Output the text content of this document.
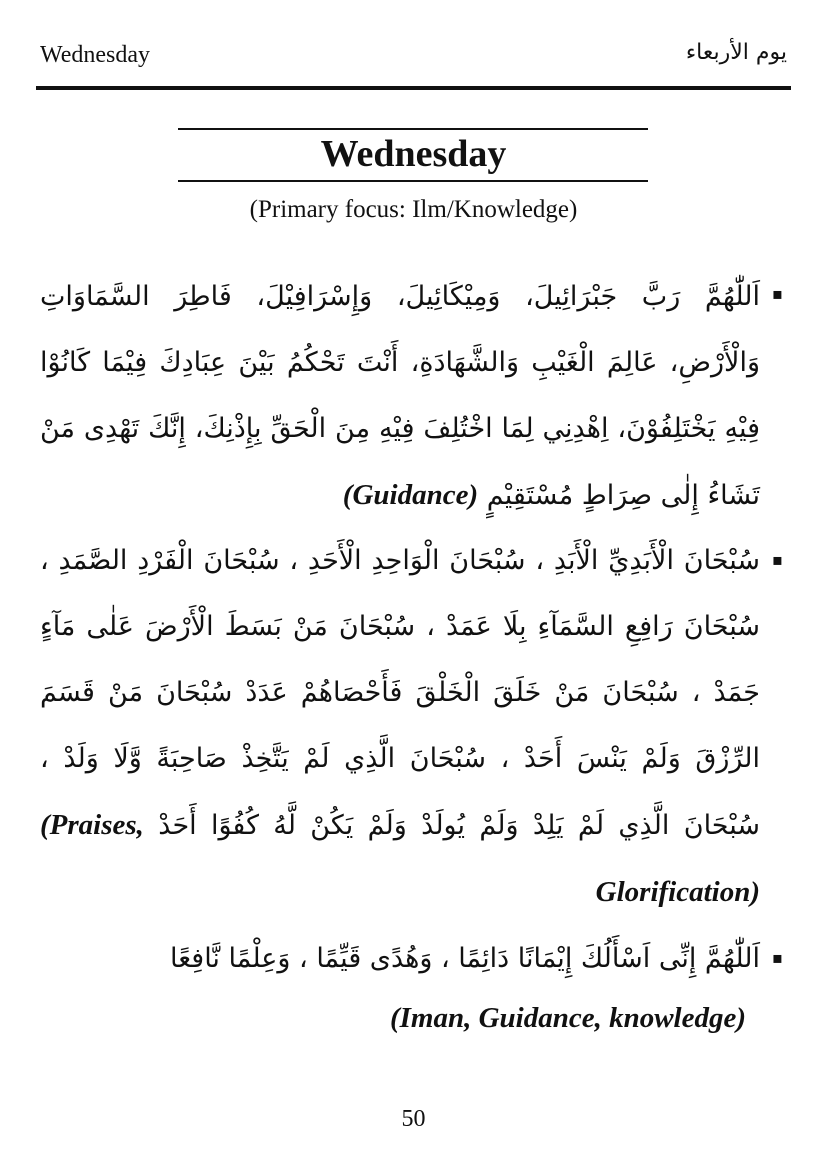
Wednesday	يوم الأربعاء
Wednesday
(Primary focus: Ilm/Knowledge)
▪
اَللّٰهُمَّ رَبَّ جَبْرَائِيلَ، وَمِيْكَائِيلَ، وَإِسْرَافِيْلَ، فَاطِرَ السَّمَاوَاتِ وَالْأَرْضِ، عَالِمَ الْغَيْبِ وَالشَّهَادَةِ، أَنْتَ تَحْكُمُ بَيْنَ عِبَادِكَ فِيْمَا كَانُوْا فِيْهِ يَخْتَلِفُوْنَ، اِهْدِنِي لِمَا اخْتُلِفَ فِيْهِ مِنَ الْحَقِّ بِإِذْنِكَ، إِنَّكَ تَهْدِى مَنْ تَشَاءُ إِلٰى صِرَاطٍ مُسْتَقِيْمٍ (Guidance)
▪
سُبْحَانَ الْأَبَدِيِّ الْأَبَدِ ، سُبْحَانَ الْوَاحِدِ الْأَحَدِ ، سُبْحَانَ الْفَرْدِ الصَّمَدِ ، سُبْحَانَ رَافِعِ السَّمَآءِ بِلَا عَمَدْ ، سُبْحَانَ مَنْ بَسَطَ الْأَرْضَ عَلٰى مَآءٍ جَمَدْ ، سُبْحَانَ مَنْ خَلَقَ الْخَلْقَ فَأَحْصَاهُمْ عَدَدْ سُبْحَانَ مَنْ قَسَمَ الرِّزْقَ وَلَمْ يَنْسَ أَحَدْ ، سُبْحَانَ الَّذِي لَمْ يَتَّخِذْ صَاحِبَةً وَّلَا وَلَدْ ، سُبْحَانَ الَّذِي لَمْ يَلِدْ وَلَمْ يُولَدْ وَلَمْ يَكُنْ لَّهُ كُفُوًا أَحَدْ (Praises, Glorification)
▪
اَللّٰهُمَّ إِنِّى اَسْأَلُكَ إِيْمَانًا دَائِمًا ، وَهُدًى قَيِّمًا ، وَعِلْمًا نَّافِعًا
(Iman, Guidance, knowledge)
50
